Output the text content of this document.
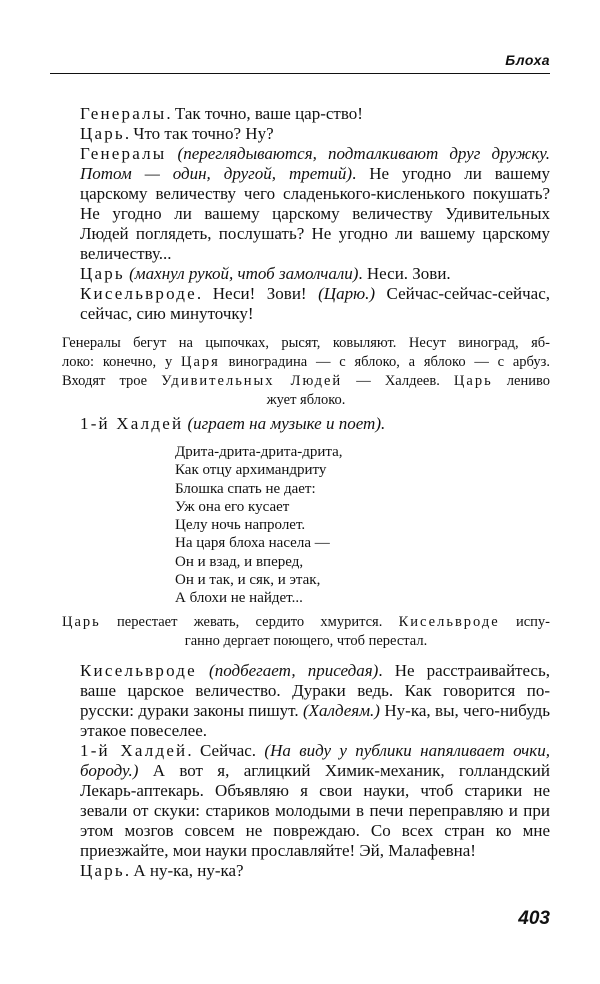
Блоха

Генералы. Так точно, ваше цар-ство!

Царь. Что так точно? Ну?

Генералы (переглядываются, подталкивают друг дружку. Потом — один, другой, третий). Не угодно ли вашему царскому величеству чего сладенького-кисленького покушать? Не угодно ли вашему царскому величеству Удивительных Людей поглядеть, послушать? Не угодно ли вашему царскому величеству...

Царь (махнул рукой, чтоб замолчали). Неси. Зови.

Кисельвроде. Неси! Зови! (Царю.) Сейчас-сейчас-сейчас, сейчас, сию минуточку!

Генералы бегут на цыпочках, рысят, ковыляют. Несут виноград, яб-

локо: конечно, у Царя виноградина — с яблоко, а яблоко — с арбуз.

Входят трое Удивительных Людей — Халдеев. Царь лениво

жует яблоко.

1-й Халдей (играет на музыке и поет).
Дрита-дрита-дрита-дрита,
Как отцу архимандриту
Блошка спать не дает:
Уж она его кусает
Целу ночь напролет.
На царя блоха насела —
Он и взад, и вперед,
Он и так, и сяк, и этак,
А блохи не найдет...

Царь перестает жевать, сердито хмурится. Кисельвроде испу-

ганно дергает поющего, чтоб перестал.

Кисельвроде (подбегает, приседая). Не расстраивайтесь, ваше царское величество. Дураки ведь. Как говорится по-русски: дураки законы пишут. (Халдеям.) Ну-ка, вы, чего-нибудь этакое повеселее.

1-й Халдей. Сейчас. (На виду у публики напяливает очки, бороду.) А вот я, аглицкий Химик-механик, голландский Лекарь-аптекарь. Объявляю я свои науки, чтоб старики не зевали от скуки: стариков молодыми в печи переправляю и при этом мозгов совсем не повреждаю. Со всех стран ко мне приезжайте, мои науки прославляйте! Эй, Малафевна!

Царь. А ну-ка, ну-ка?

403
